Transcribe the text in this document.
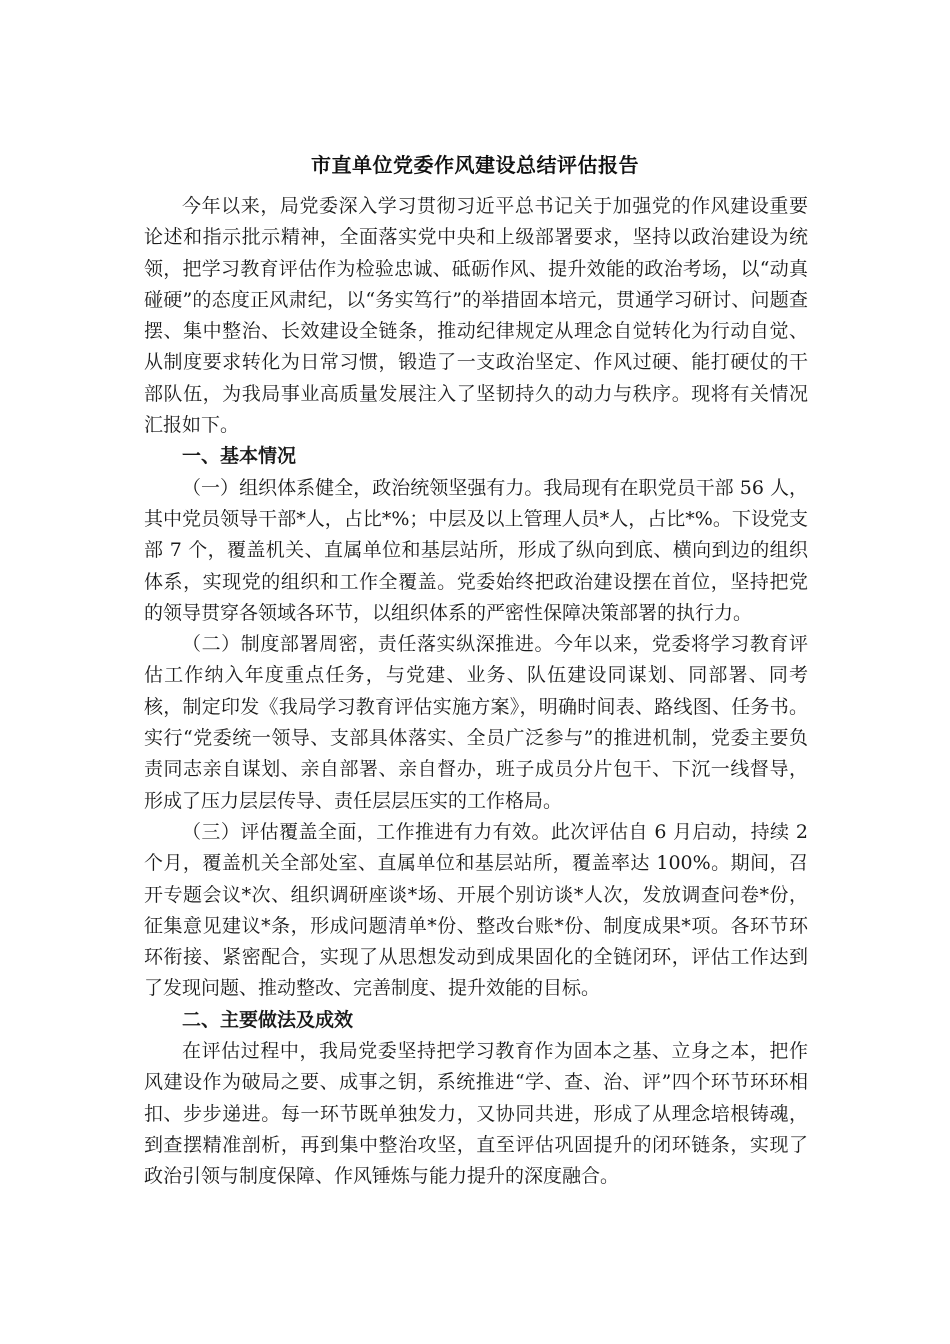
市直单位党委作风建设总结评估报告

今年以来，局党委深入学习贯彻习近平总书记关于加强党的作风建设重要论述和指示批示精神，全面落实党中央和上级部署要求，坚持以政治建设为统领，把学习教育评估作为检验忠诚、砥砺作风、提升效能的政治考场，以“动真碰硬”的态度正风肃纪，以“务实笃行”的举措固本培元，贯通学习研讨、问题查摆、集中整治、长效建设全链条，推动纪律规定从理念自觉转化为行动自觉、从制度要求转化为日常习惯，锻造了一支政治坚定、作风过硬、能打硬仗的干部队伍，为我局事业高质量发展注入了坚韧持久的动力与秩序。现将有关情况汇报如下。

一、基本情况

（一）组织体系健全，政治统领坚强有力。我局现有在职党员干部 56 人，其中党员领导干部*人，占比*%；中层及以上管理人员*人，占比*%。下设党支部 7 个，覆盖机关、直属单位和基层站所，形成了纵向到底、横向到边的组织体系，实现党的组织和工作全覆盖。党委始终把政治建设摆在首位，坚持把党的领导贯穿各领域各环节，以组织体系的严密性保障决策部署的执行力。

（二）制度部署周密，责任落实纵深推进。今年以来，党委将学习教育评估工作纳入年度重点任务，与党建、业务、队伍建设同谋划、同部署、同考核，制定印发《我局学习教育评估实施方案》，明确时间表、路线图、任务书。实行“党委统一领导、支部具体落实、全员广泛参与”的推进机制，党委主要负责同志亲自谋划、亲自部署、亲自督办，班子成员分片包干、下沉一线督导，形成了压力层层传导、责任层层压实的工作格局。

（三）评估覆盖全面，工作推进有力有效。此次评估自 6 月启动，持续 2 个月，覆盖机关全部处室、直属单位和基层站所，覆盖率达 100%。期间，召开专题会议*次、组织调研座谈*场、开展个别访谈*人次，发放调查问卷*份，征集意见建议*条，形成问题清单*份、整改台账*份、制度成果*项。各环节环环衔接、紧密配合，实现了从思想发动到成果固化的全链闭环，评估工作达到了发现问题、推动整改、完善制度、提升效能的目标。

二、主要做法及成效

在评估过程中，我局党委坚持把学习教育作为固本之基、立身之本，把作风建设作为破局之要、成事之钥，系统推进“学、查、治、评”四个环节环环相扣、步步递进。每一环节既单独发力，又协同共进，形成了从理念培根铸魂，到查摆精准剖析，再到集中整治攻坚，直至评估巩固提升的闭环链条，实现了政治引领与制度保障、作风锤炼与能力提升的深度融合。
